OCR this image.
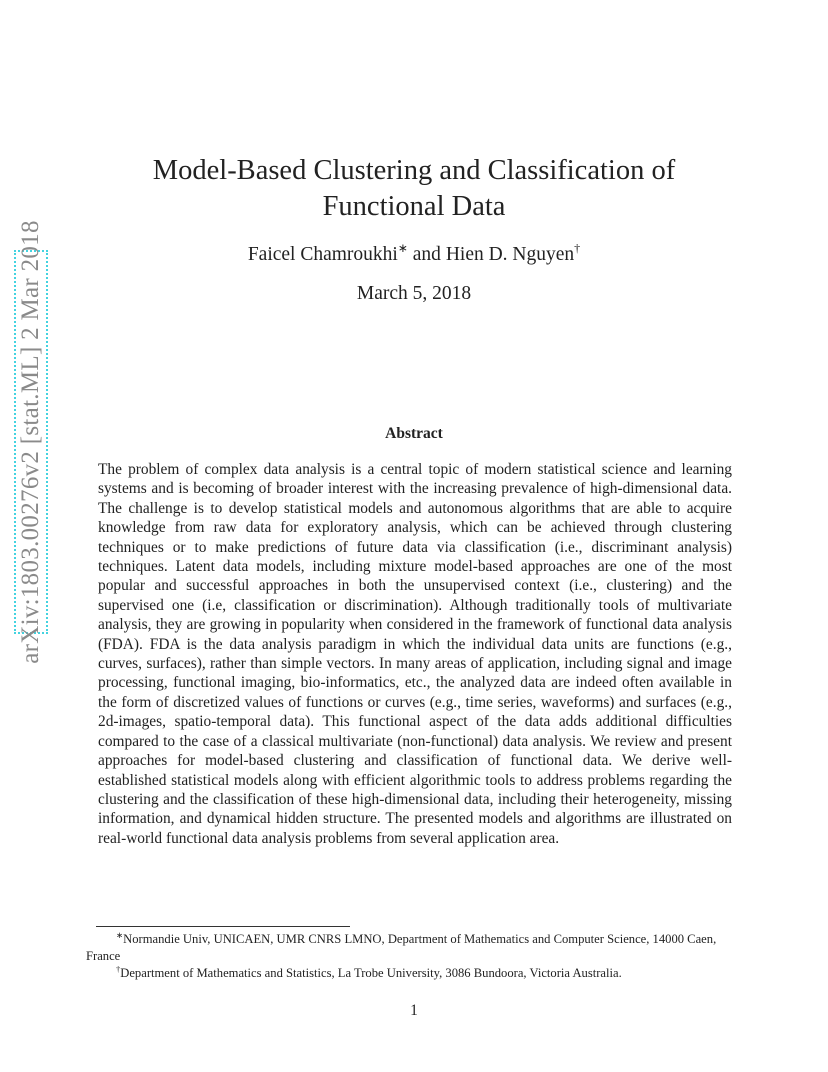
arXiv:1803.00276v2 [stat.ML] 2 Mar 2018
Model-Based Clustering and Classification of
Functional Data
Faicel Chamroukhi∗ and Hien D. Nguyen†
March 5, 2018
Abstract
The problem of complex data analysis is a central topic of modern statistical science and learning systems and is becoming of broader interest with the increasing prevalence of high-dimensional data. The challenge is to develop statistical models and autonomous algorithms that are able to acquire knowledge from raw data for exploratory analysis, which can be achieved through clustering techniques or to make predictions of future data via classification (i.e., discriminant analysis) techniques. Latent data models, including mixture model-based approaches are one of the most popular and successful approaches in both the unsupervised context (i.e., clustering) and the supervised one (i.e, classification or discrimination). Although traditionally tools of multivariate analysis, they are growing in popularity when considered in the framework of functional data analysis (FDA). FDA is the data analysis paradigm in which the individual data units are functions (e.g., curves, surfaces), rather than simple vectors. In many areas of application, including signal and image processing, functional imaging, bio-informatics, etc., the analyzed data are indeed often available in the form of discretized values of functions or curves (e.g., time series, waveforms) and surfaces (e.g., 2d-images, spatio-temporal data). This functional aspect of the data adds additional difficulties compared to the case of a classical multivariate (non-functional) data analysis. We review and present approaches for model-based clustering and classification of functional data. We derive well-established statistical models along with efficient algorithmic tools to address problems regarding the clustering and the classification of these high-dimensional data, including their heterogeneity, missing information, and dynamical hidden structure. The presented models and algorithms are illustrated on real-world functional data analysis problems from several application area.

∗Normandie Univ, UNICAEN, UMR CNRS LMNO, Department of Mathematics and Computer Science, 14000 Caen, France

†Department of Mathematics and Statistics, La Trobe University, 3086 Bundoora, Victoria Australia.

1
